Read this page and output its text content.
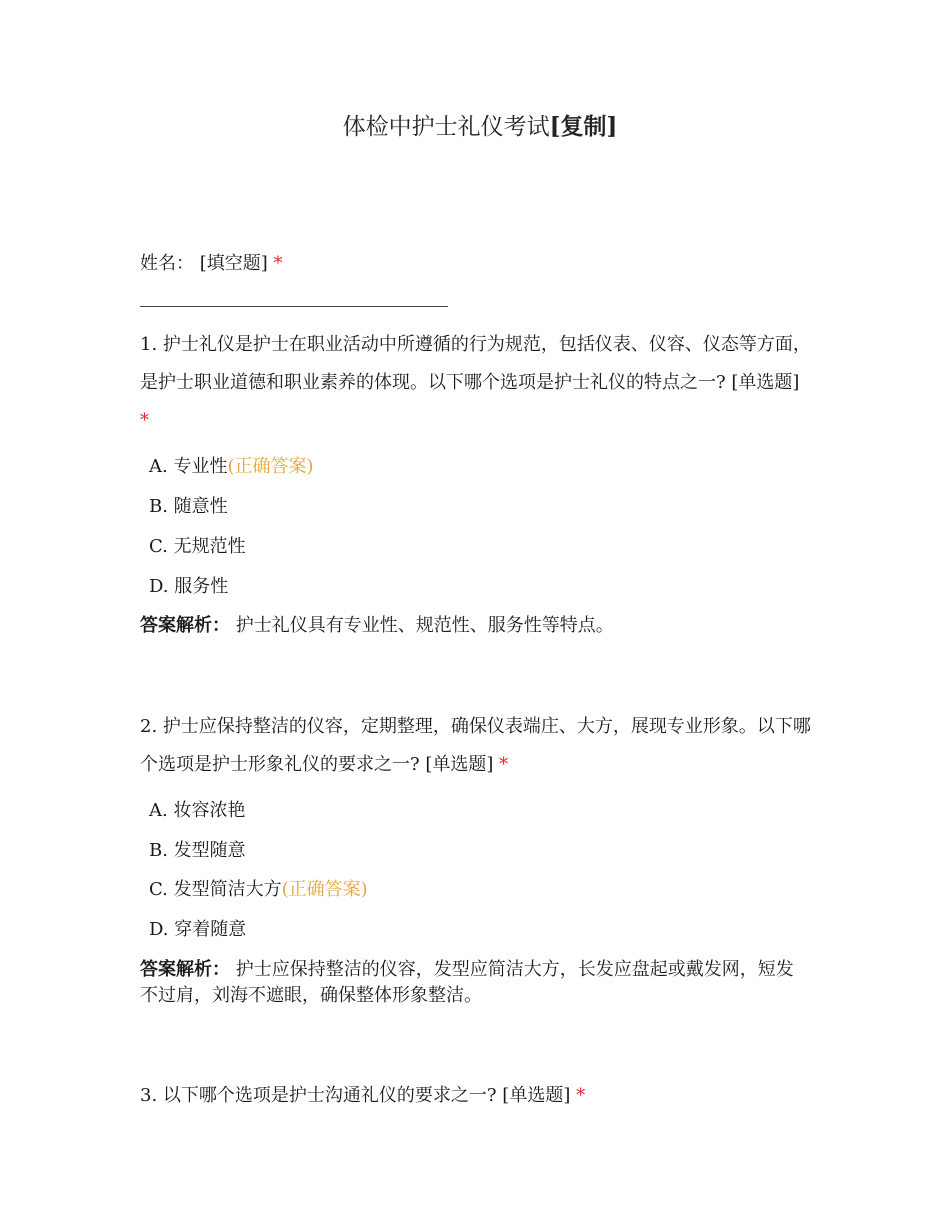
体检中护士礼仪考试[复制]
姓名： [填空题] *
1. 护士礼仪是护士在职业活动中所遵循的行为规范，包括仪表、仪容、仪态等方面，是护士职业道德和职业素养的体现。以下哪个选项是护士礼仪的特点之一? [单选题] *
A. 专业性(正确答案)
B. 随意性
C. 无规范性
D. 服务性
答案解析： 护士礼仪具有专业性、规范性、服务性等特点。
2. 护士应保持整洁的仪容，定期整理，确保仪表端庄、大方，展现专业形象。以下哪个选项是护士形象礼仪的要求之一? [单选题] *
A. 妆容浓艳
B. 发型随意
C. 发型简洁大方(正确答案)
D. 穿着随意
答案解析： 护士应保持整洁的仪容，发型应简洁大方，长发应盘起或戴发网，短发不过肩，刘海不遮眼，确保整体形象整洁。
3. 以下哪个选项是护士沟通礼仪的要求之一? [单选题] *
